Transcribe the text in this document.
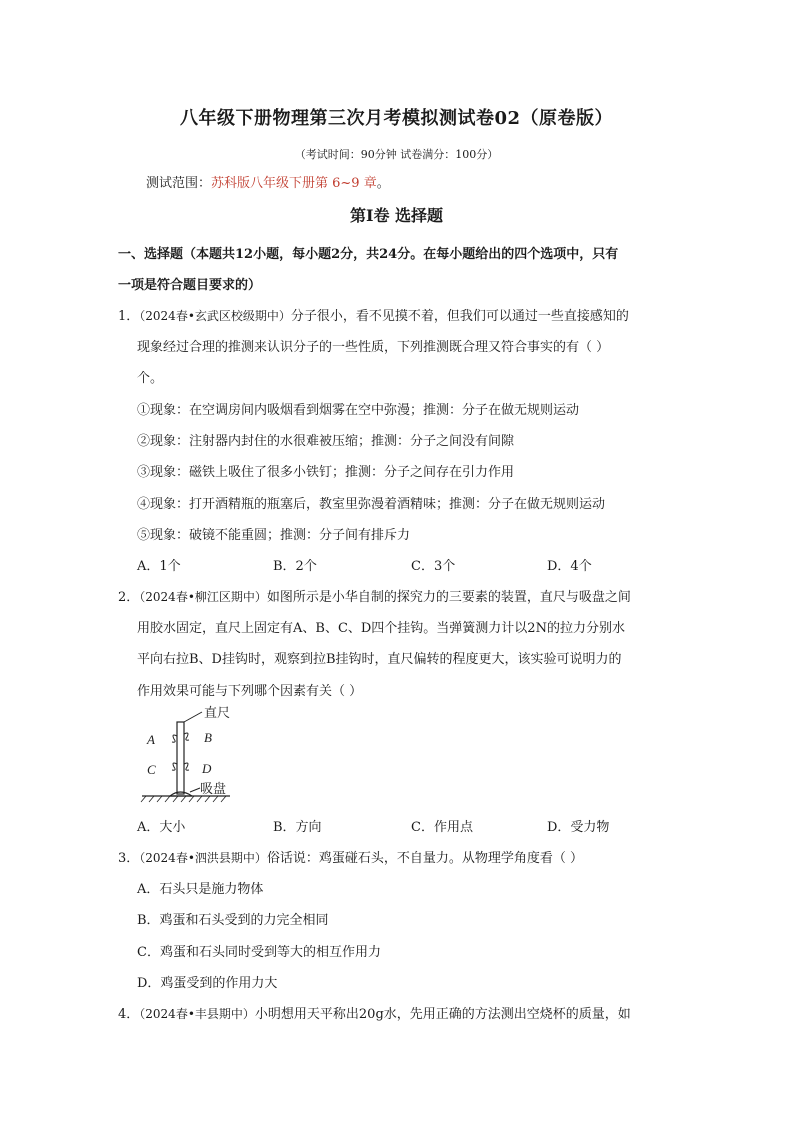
八年级下册物理第三次月考模拟测试卷02（原卷版）
（考试时间：90分钟 试卷满分：100分）
测试范围：苏科版八年级下册第 6~9 章。
第Ⅰ卷 选择题
一、选择题（本题共12小题，每小题2分，共24分。在每小题给出的四个选项中，只有
一项是符合题目要求的）
1．（2024春•玄武区校级期中）分子很小，看不见摸不着，但我们可以通过一些直接感知的
现象经过合理的推测来认识分子的一些性质，下列推测既合理又符合事实的有（ ）
个。
①现象：在空调房间内吸烟看到烟雾在空中弥漫；推测：分子在做无规则运动
②现象：注射器内封住的水很难被压缩；推测：分子之间没有间隙
③现象：磁铁上吸住了很多小铁钉；推测：分子之间存在引力作用
④现象：打开酒精瓶的瓶塞后，教室里弥漫着酒精味；推测：分子在做无规则运动
⑤现象：破镜不能重圆；推测：分子间有排斥力
A．1个	B．2个	C．3个	D．4个
2．（2024春•柳江区期中）如图所示是小华自制的探究力的三要素的装置，直尺与吸盘之间
用胶水固定，直尺上固定有A、B、C、D四个挂钩。当弹簧测力计以2N的拉力分别水
平向右拉B、D挂钩时，观察到拉B挂钩时，直尺偏转的程度更大，该实验可说明力的
作用效果可能与下列哪个因素有关（ ）
直尺
A	B
C	D
吸盘
A．大小	B．方向	C．作用点	D．受力物
3．（2024春•泗洪县期中）俗话说：鸡蛋碰石头，不自量力。从物理学角度看（ ）
A．石头只是施力物体
B．鸡蛋和石头受到的力完全相同
C．鸡蛋和石头同时受到等大的相互作用力
D．鸡蛋受到的作用力大
4．（2024春•丰县期中）小明想用天平称出20g水，先用正确的方法测出空烧杯的质量，如
